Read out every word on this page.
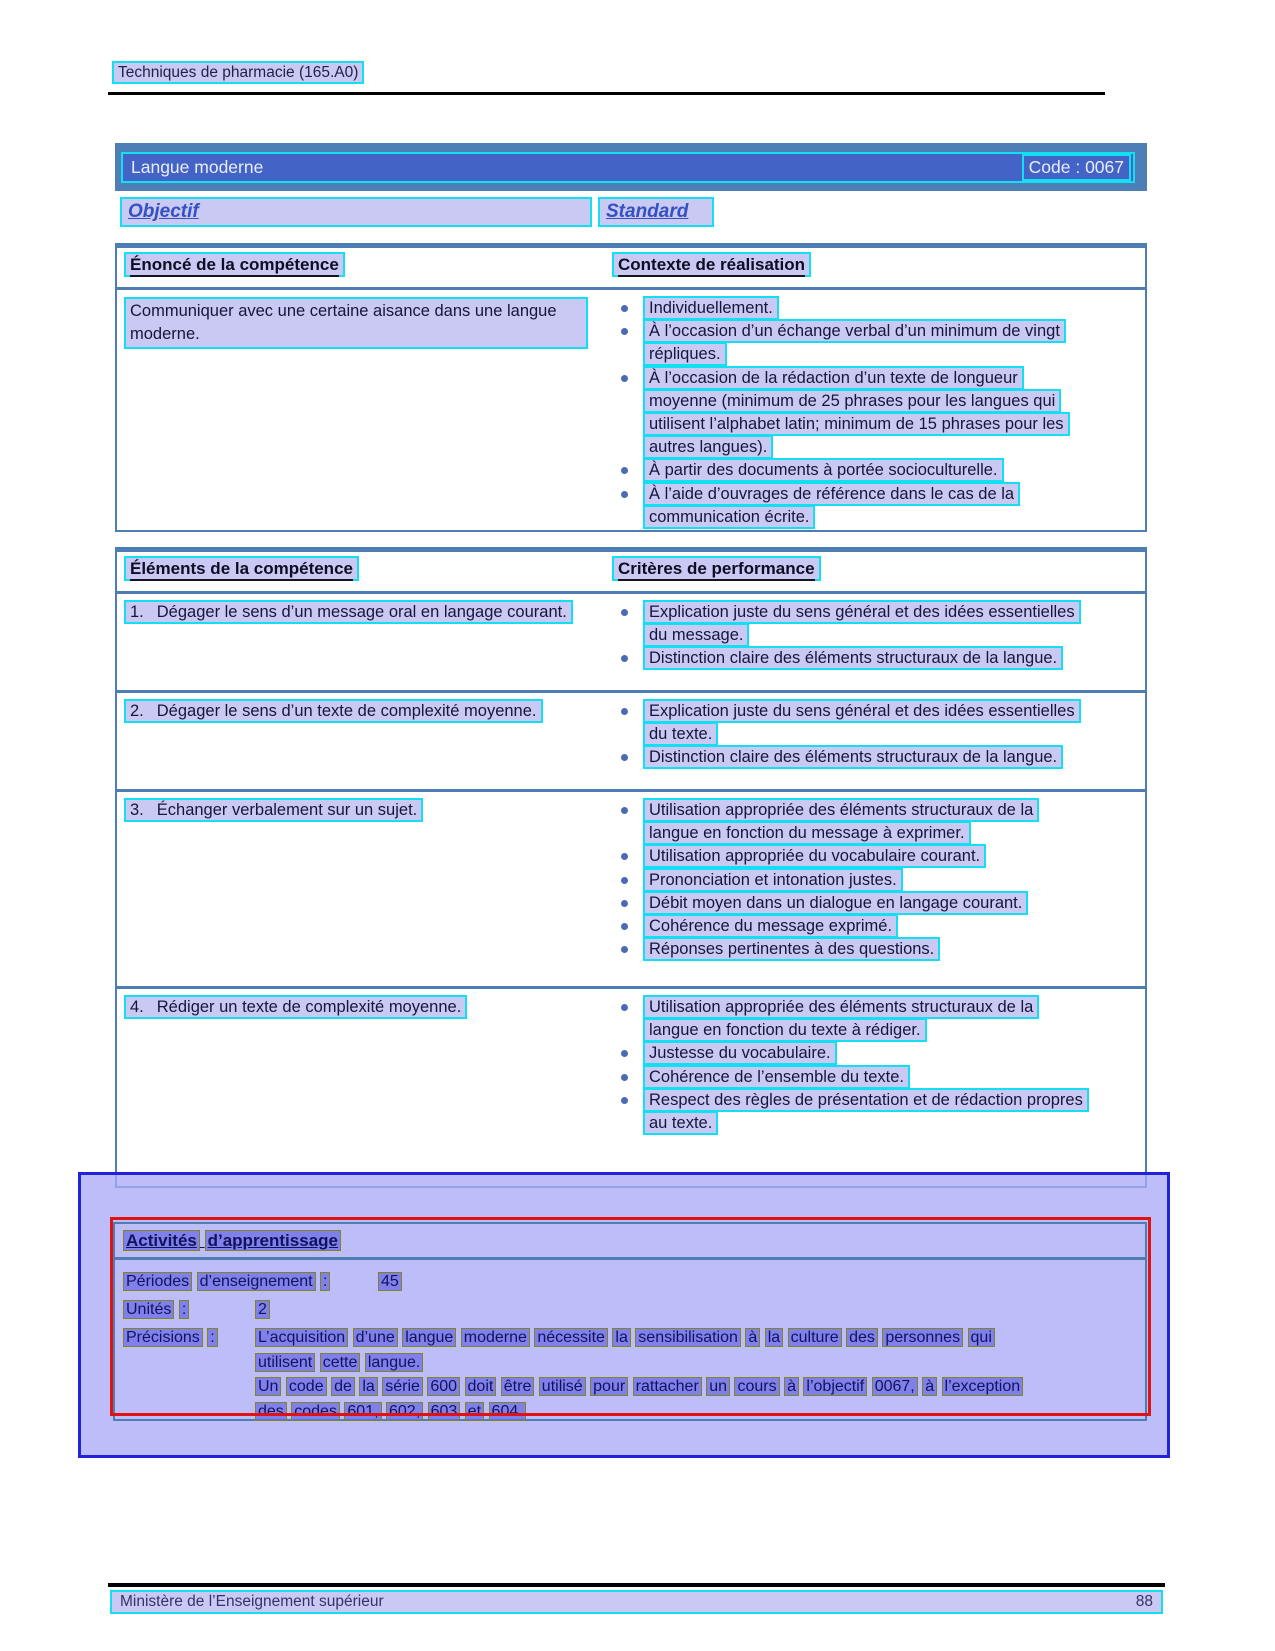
Techniques de pharmacie (165.A0)
Langue moderne	Code : 0067
Objectif	Standard
Énoncé de la compétence	Contexte de réalisation
Communiquer avec une certaine aisance dans une langue moderne.
Individuellement.
À l’occasion d’un échange verbal d’un minimum de vingt répliques.
À l’occasion de la rédaction d’un texte de longueur moyenne (minimum de 25 phrases pour les langues qui utilisent l’alphabet latin; minimum de 15 phrases pour les autres langues).
À partir des documents à portée socioculturelle.
À l’aide d’ouvrages de référence dans le cas de la communication écrite.
Éléments de la compétence	Critères de performance
1. Dégager le sens d’un message oral en langage courant.	Explication juste du sens général et des idées essentielles du message.
Distinction claire des éléments structuraux de la langue.
2. Dégager le sens d’un texte de complexité moyenne.	Explication juste du sens général et des idées essentielles du texte.
Distinction claire des éléments structuraux de la langue.
3. Échanger verbalement sur un sujet.	Utilisation appropriée des éléments structuraux de la langue en fonction du message à exprimer.
Utilisation appropriée du vocabulaire courant.
Prononciation et intonation justes.
Débit moyen dans un dialogue en langage courant.
Cohérence du message exprimé.
Réponses pertinentes à des questions.
4. Rédiger un texte de complexité moyenne.	Utilisation appropriée des éléments structuraux de la langue en fonction du texte à rédiger.
Justesse du vocabulaire.
Cohérence de l’ensemble du texte.
Respect des règles de présentation et de rédaction propres au texte.
Activités d’apprentissage
Périodes d’enseignement :	45
Unités :	2
Précisions :	L’acquisition d’une langue moderne nécessite la sensibilisation à la culture des personnes qui
utilisent cette langue.
Un code de la série 600 doit être utilisé pour rattacher un cours à l’objectif 0067, à l’exception
des codes 601, 602, 603 et 604.
Ministère de l’Enseignement supérieur	88
